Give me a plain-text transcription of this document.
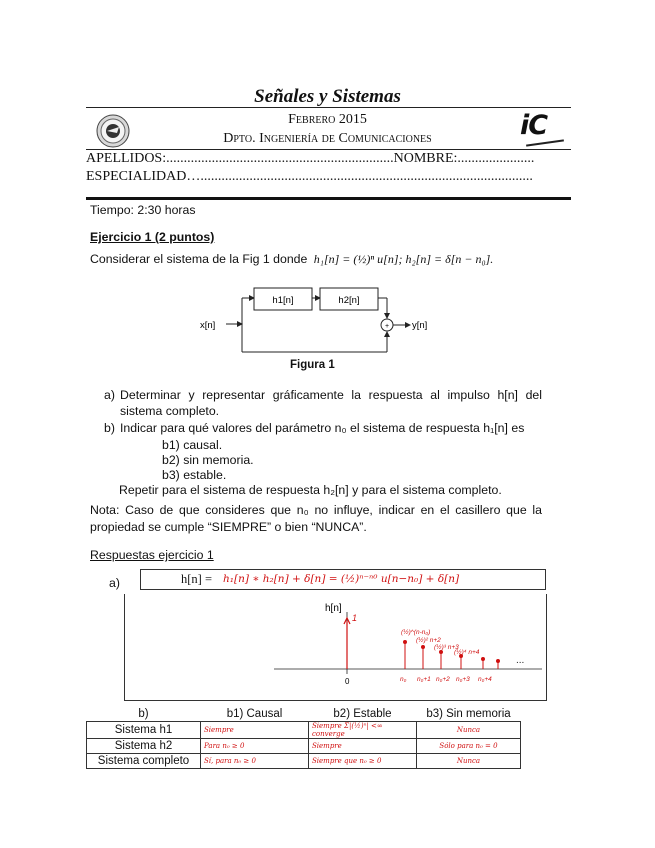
Señales y Sistemas
Febrero 2015
Dpto. Ingeniería de Comunicaciones	iC
APELLIDOS:.................................................................NOMBRE:......................
ESPECIALIDAD…...............................................................................................
Tiempo: 2:30 horas
Ejercicio 1 (2 puntos)
Considerar el sistema de la Fig 1 donde h₁[n] = (½)ⁿ u[n]; h₂[n] = δ[n − n₀].
h1[n]	h2[n]
x[n]	y[n]
+
Figura 1
a) Determinar y representar gráficamente la respuesta al impulso h[n] del sistema completo.
b) Indicar para qué valores del parámetro n₀ el sistema de respuesta h₁[n] es
b1) causal.
b2) sin memoria.
b3) estable.
Repetir para el sistema de respuesta h₂[n] y para el sistema completo.
Nota: Caso de que consideres que n₀ no influye, indicar en el casillero que la propiedad se cumple “SIEMPRE” o bien “NUNCA”.
Respuestas ejercicio 1
a)	h[n] = h₁[n] ∗ h₂[n] + δ[n] = (½)ⁿ⁻ⁿ⁰ u[n−n₀] + δ[n]
h[n]
0
1
(½)^(n-n₀)
(½)² n+2
(½)³ n+3
(½)⁴ n+4
n₀ n₀+1 n₀+2 n₀+3 n₀+4
...
b)	b1) Causal	b2) Estable	b3) Sin memoria
Sistema h1	Siempre	Siempre Σ|(½)ⁿ| <∞ converge	Nunca
Sistema h2	Para n₀ ≥ 0	Siempre	Sólo para n₀ = 0
Sistema completo	Sí, para n₀ ≥ 0	Siempre que n₀ ≥ 0	Nunca
